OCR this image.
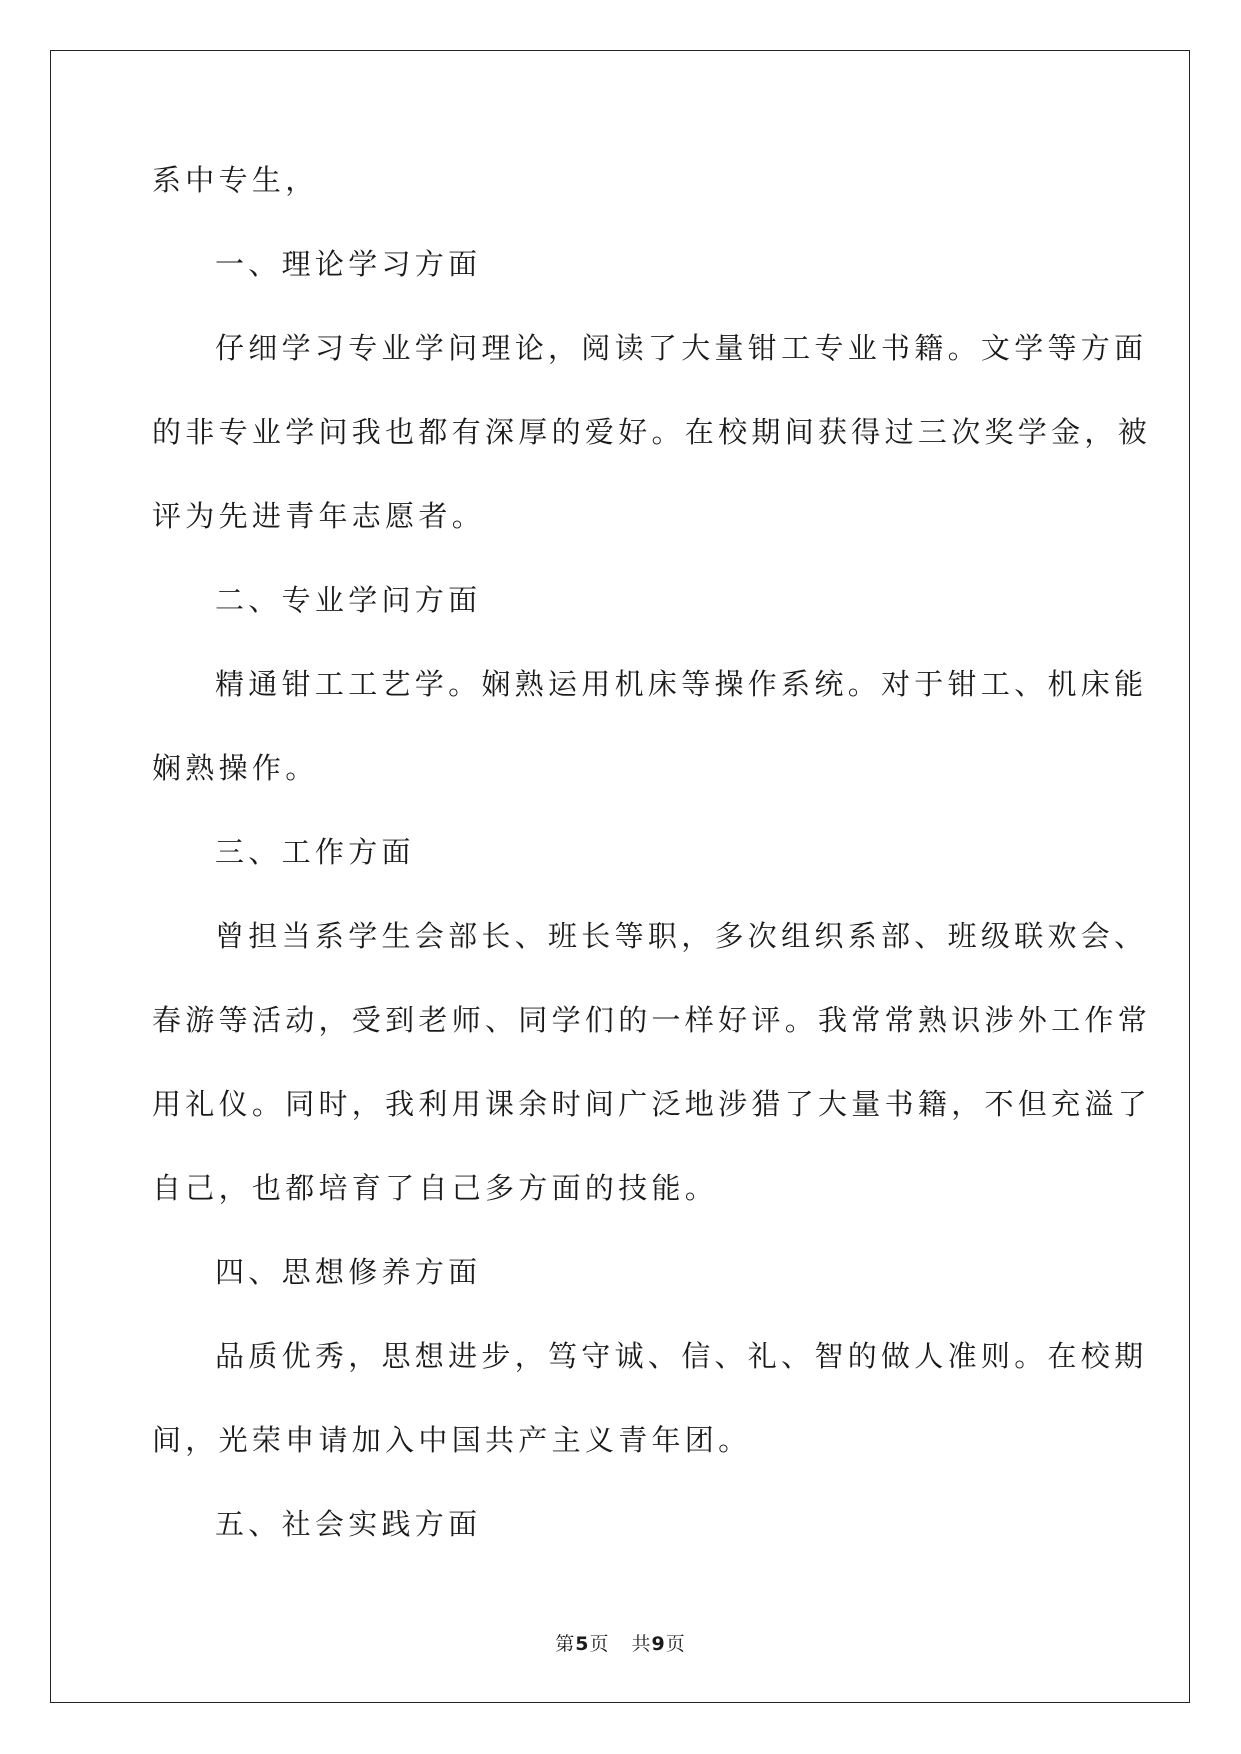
系中专生，

一、理论学习方面

仔细学习专业学问理论，阅读了大量钳工专业书籍。文学等方面

的非专业学问我也都有深厚的爱好。在校期间获得过三次奖学金，被

评为先进青年志愿者。

二、专业学问方面

精通钳工工艺学。娴熟运用机床等操作系统。对于钳工、机床能

娴熟操作。

三、工作方面

曾担当系学生会部长、班长等职，多次组织系部、班级联欢会、

春游等活动，受到老师、同学们的一样好评。我常常熟识涉外工作常

用礼仪。同时，我利用课余时间广泛地涉猎了大量书籍，不但充溢了

自己，也都培育了自己多方面的技能。

四、思想修养方面

品质优秀，思想进步，笃守诚、信、礼、智的做人准则。在校期

间，光荣申请加入中国共产主义青年团。

五、社会实践方面

第5页 共9页
